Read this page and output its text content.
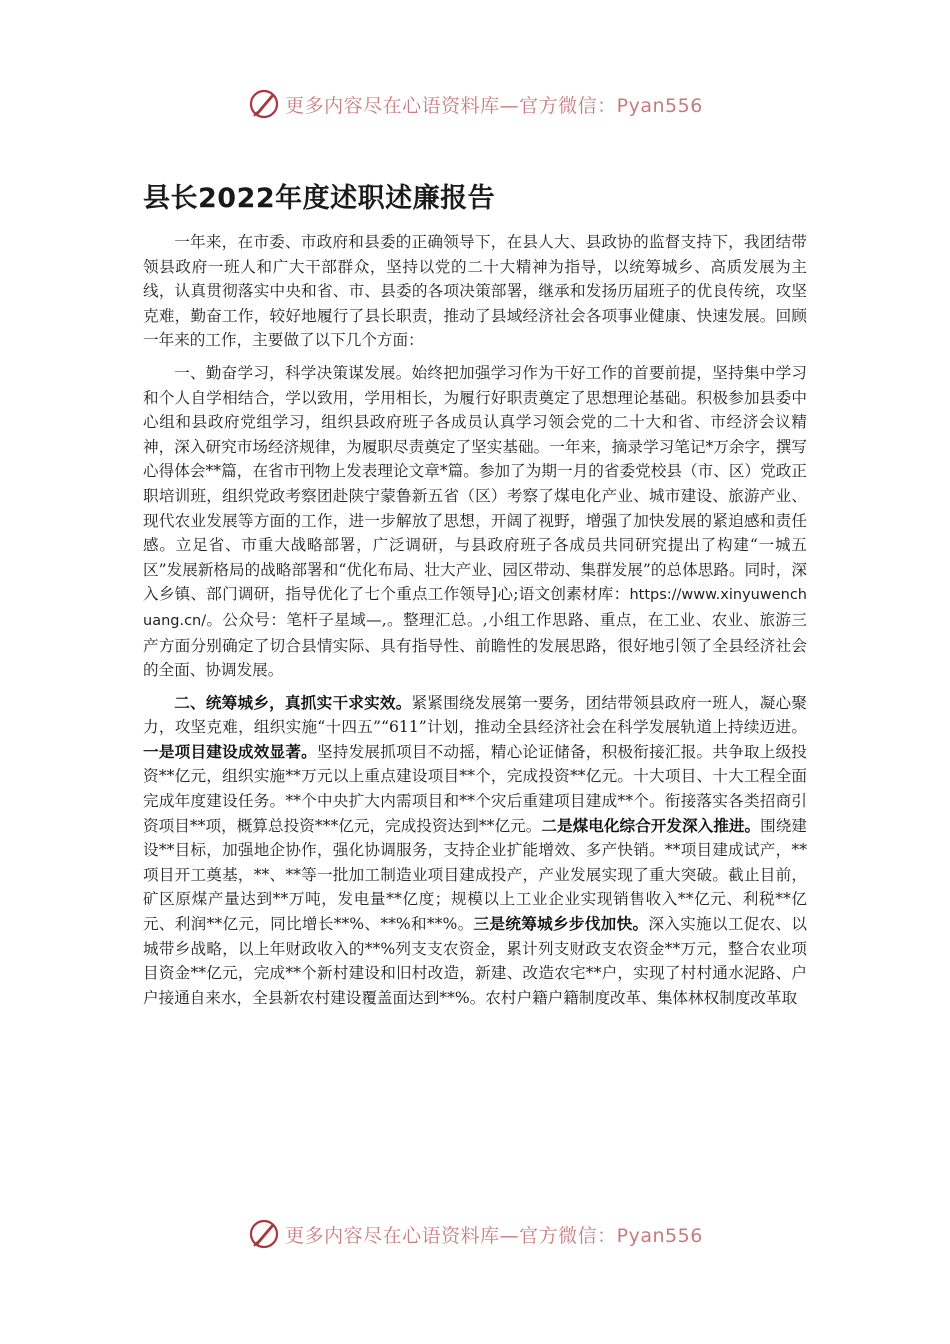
更多内容尽在心语资料库—官方微信：Pyan556
县长2022年度述职述廉报告

一年来，在市委、市政府和县委的正确领导下，在县人大、县政协的监督支持下，我团结带领县政府一班人和广大干部群众，坚持以党的二十大精神为指导，以统筹城乡、高质发展为主线，认真贯彻落实中央和省、市、县委的各项决策部署，继承和发扬历届班子的优良传统，攻坚克难，勤奋工作，较好地履行了县长职责，推动了县域经济社会各项事业健康、快速发展。回顾一年来的工作，主要做了以下几个方面：

一、勤奋学习，科学决策谋发展。始终把加强学习作为干好工作的首要前提，坚持集中学习和个人自学相结合，学以致用，学用相长，为履行好职责奠定了思想理论基础。积极参加县委中心组和县政府党组学习，组织县政府班子各成员认真学习领会党的二十大和省、市经济会议精神，深入研究市场经济规律，为履职尽责奠定了坚实基础。一年来，摘录学习笔记*万余字，撰写心得体会**篇，在省市刊物上发表理论文章*篇。参加了为期一月的省委党校县（市、区）党政正职培训班，组织党政考察团赴陕宁蒙鲁新五省（区）考察了煤电化产业、城市建设、旅游产业、现代农业发展等方面的工作，进一步解放了思想，开阔了视野，增强了加快发展的紧迫感和责任感。立足省、市重大战略部署，广泛调研，与县政府班子各成员共同研究提出了构建“一城五区”发展新格局的战略部署和“优化布局、壮大产业、园区带动、集群发展”的总体思路。同时，深入乡镇、部门调研，指导优化了七个重点工作领导]心;语文创素材库：https://www.xinyuwenchuang.cn/。公众号：笔杆子星域—,。整理汇总。,小组工作思路、重点，在工业、农业、旅游三产方面分别确定了切合县情实际、具有指导性、前瞻性的发展思路，很好地引领了全县经济社会的全面、协调发展。

二、统筹城乡，真抓实干求实效。紧紧围绕发展第一要务，团结带领县政府一班人，凝心聚力，攻坚克难，组织实施“十四五”“611”计划，推动全县经济社会在科学发展轨道上持续迈进。一是项目建设成效显著。坚持发展抓项目不动摇，精心论证储备，积极衔接汇报。共争取上级投资**亿元，组织实施**万元以上重点建设项目**个，完成投资**亿元。十大项目、十大工程全面完成年度建设任务。**个中央扩大内需项目和**个灾后重建项目建成**个。衔接落实各类招商引资项目**项，概算总投资***亿元，完成投资达到**亿元。二是煤电化综合开发深入推进。围绕建设**目标，加强地企协作，强化协调服务，支持企业扩能增效、多产快销。**项目建成试产，**项目开工奠基，**、**等一批加工制造业项目建成投产，产业发展实现了重大突破。截止目前，矿区原煤产量达到**万吨，发电量**亿度；规模以上工业企业实现销售收入**亿元、利税**亿元、利润**亿元，同比增长**%、**%和**%。三是统筹城乡步伐加快。深入实施以工促农、以城带乡战略，以上年财政收入的**%列支支农资金，累计列支财政支农资金**万元，整合农业项目资金**亿元，完成**个新村建设和旧村改造，新建、改造农宅**户，实现了村村通水泥路、户户接通自来水，全县新农村建设覆盖面达到**%。农村户籍户籍制度改革、集体林权制度改革取

更多内容尽在心语资料库—官方微信：Pyan556
